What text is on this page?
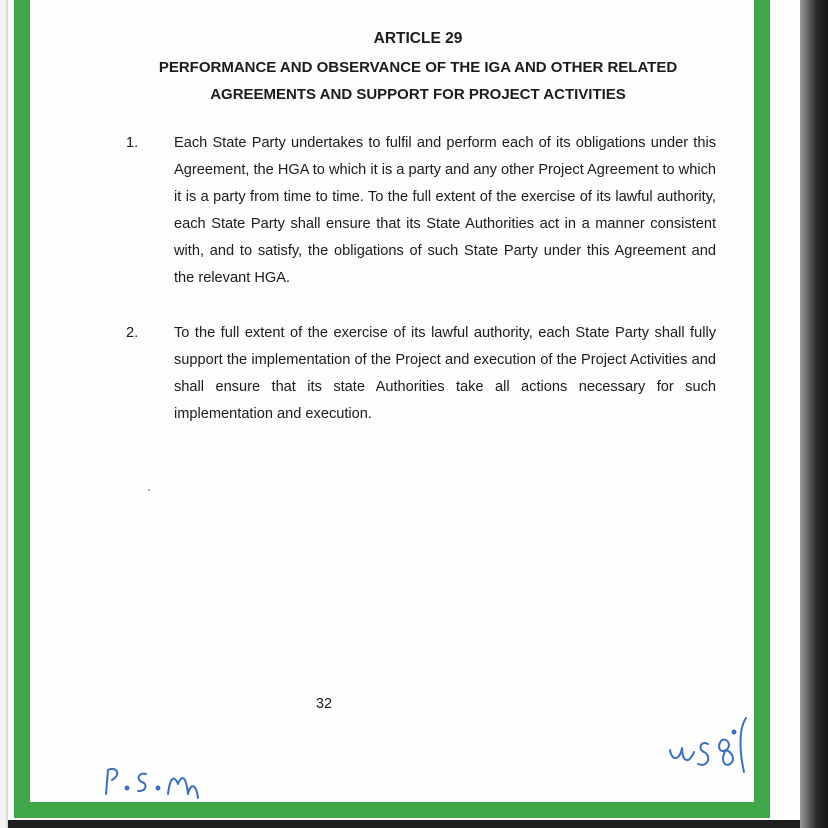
ARTICLE 29
PERFORMANCE AND OBSERVANCE OF THE IGA AND OTHER RELATED
AGREEMENTS AND SUPPORT FOR PROJECT ACTIVITIES
1.	Each State Party undertakes to fulfil and perform each of its obligations under this Agreement, the HGA to which it is a party and any other Project Agreement to which it is a party from time to time. To the full extent of the exercise of its lawful authority, each State Party shall ensure that its State Authorities act in a manner consistent with, and to satisfy, the obligations of such State Party under this Agreement and the relevant HGA.
2.	To the full extent of the exercise of its lawful authority, each State Party shall fully support the implementation of the Project and execution of the Project Activities and shall ensure that its state Authorities take all actions necessary for such implementation and execution.
32
